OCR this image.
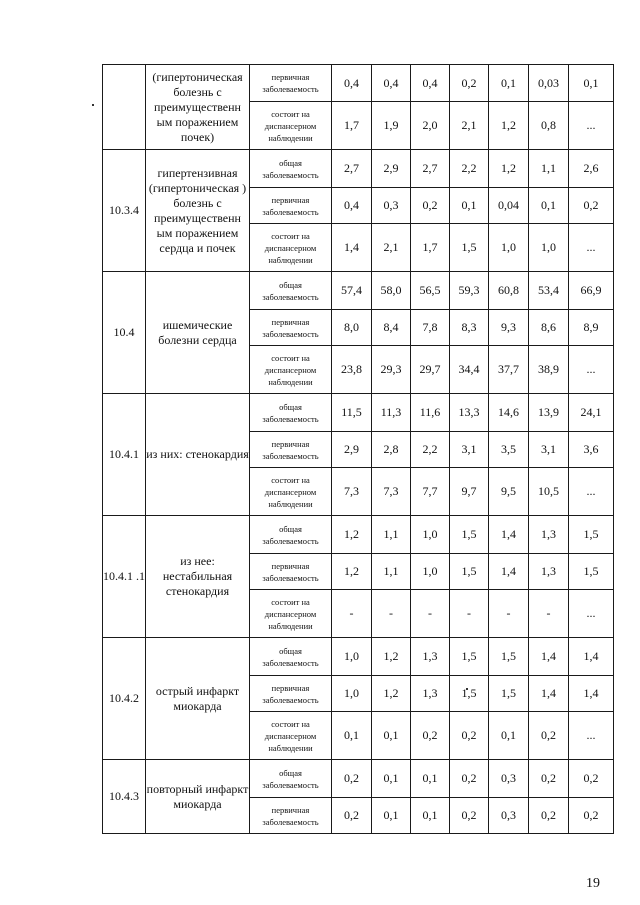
	(гипертоническая болезнь с преимущественн ым поражением почек)	первичная заболеваемость	0,4	0,4	0,4	0,2	0,1	0,03	0,1
		состоит на диспансерном наблюдении	1,7	1,9	2,0	2,1	1,2	0,8	...
10.3.4	гипертензивная (гипертоническая ) болезнь с преимущественн ым поражением сердца и почек	общая заболеваемость	2,7	2,9	2,7	2,2	1,2	1,1	2,6
		первичная заболеваемость	0,4	0,3	0,2	0,1	0,04	0,1	0,2
		состоит на диспансерном наблюдении	1,4	2,1	1,7	1,5	1,0	1,0	...
10.4	ишемические болезни сердца	общая заболеваемость	57,4	58,0	56,5	59,3	60,8	53,4	66,9
		первичная заболеваемость	8,0	8,4	7,8	8,3	9,3	8,6	8,9
		состоит на диспансерном наблюдении	23,8	29,3	29,7	34,4	37,7	38,9	...
10.4.1	из них: стенокардия	общая заболеваемость	11,5	11,3	11,6	13,3	14,6	13,9	24,1
		первичная заболеваемость	2,9	2,8	2,2	3,1	3,5	3,1	3,6
		состоит на диспансерном наблюдении	7,3	7,3	7,7	9,7	9,5	10,5	...
10.4.1 .1	из нее: нестабильная стенокардия	общая заболеваемость	1,2	1,1	1,0	1,5	1,4	1,3	1,5
		первичная заболеваемость	1,2	1,1	1,0	1,5	1,4	1,3	1,5
		состоит на диспансерном наблюдении	-	-	-	-	-	-	...
10.4.2	острый инфаркт миокарда	общая заболеваемость	1,0	1,2	1,3	1,5	1,5	1,4	1,4
		первичная заболеваемость	1,0	1,2	1,3	1,5	1,5	1,4	1,4
		состоит на диспансерном наблюдении	0,1	0,1	0,2	0,2	0,1	0,2	...
10.4.3	повторный инфаркт миокарда	общая заболеваемость	0,2	0,1	0,1	0,2	0,3	0,2	0,2
		первичная заболеваемость	0,2	0,1	0,1	0,2	0,3	0,2	0,2
19
